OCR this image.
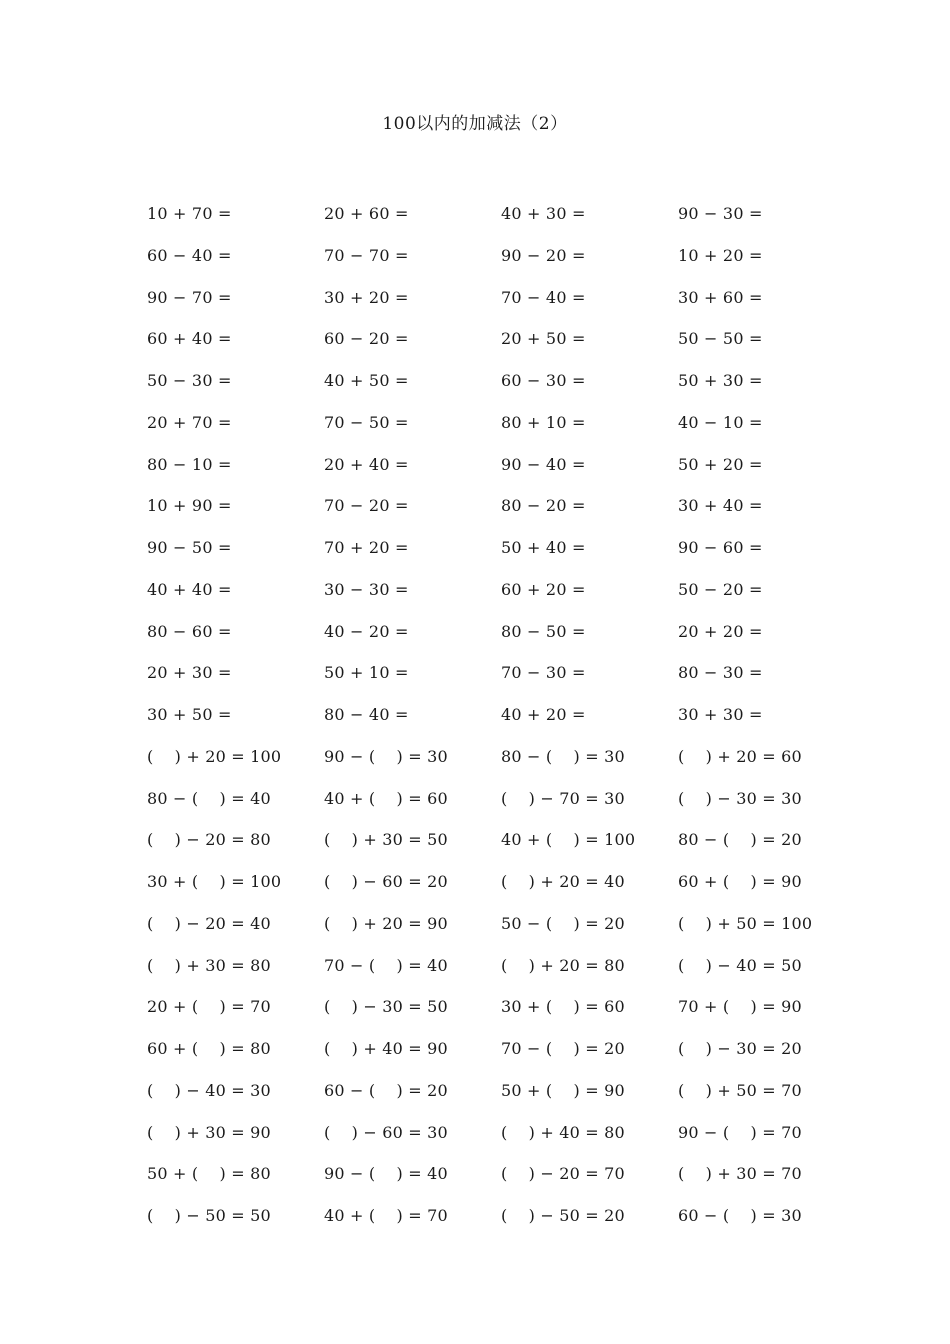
100以内的加减法（2）
10 + 70 =	20 + 60 =	40 + 30 =	90 − 30 =
60 − 40 =	70 − 70 =	90 − 20 =	10 + 20 =
90 − 70 =	30 + 20 =	70 − 40 =	30 + 60 =
60 + 40 =	60 − 20 =	20 + 50 =	50 − 50 =
50 − 30 =	40 + 50 =	60 − 30 =	50 + 30 =
20 + 70 =	70 − 50 =	80 + 10 =	40 − 10 =
80 − 10 =	20 + 40 =	90 − 40 =	50 + 20 =
10 + 90 =	70 − 20 =	80 − 20 =	30 + 40 =
90 − 50 =	70 + 20 =	50 + 40 =	90 − 60 =
40 + 40 =	30 − 30 =	60 + 20 =	50 − 20 =
80 − 60 =	40 − 20 =	80 − 50 =	20 + 20 =
20 + 30 =	50 + 10 =	70 − 30 =	80 − 30 =
30 + 50 =	80 − 40 =	40 + 20 =	30 + 30 =
(    ) + 20 = 100	90 − (    ) = 30	80 − (    ) = 30	(    ) + 20 = 60
80 − (    ) = 40	40 + (    ) = 60	(    ) − 70 = 30	(    ) − 30 = 30
(    ) − 20 = 80	(    ) + 30 = 50	40 + (    ) = 100	80 − (    ) = 20
30 + (    ) = 100	(    ) − 60 = 20	(    ) + 20 = 40	60 + (    ) = 90
(    ) − 20 = 40	(    ) + 20 = 90	50 − (    ) = 20	(    ) + 50 = 100
(    ) + 30 = 80	70 − (    ) = 40	(    ) + 20 = 80	(    ) − 40 = 50
20 + (    ) = 70	(    ) − 30 = 50	30 + (    ) = 60	70 + (    ) = 90
60 + (    ) = 80	(    ) + 40 = 90	70 − (    ) = 20	(    ) − 30 = 20
(    ) − 40 = 30	60 − (    ) = 20	50 + (    ) = 90	(    ) + 50 = 70
(    ) + 30 = 90	(    ) − 60 = 30	(    ) + 40 = 80	90 − (    ) = 70
50 + (    ) = 80	90 − (    ) = 40	(    ) − 20 = 70	(    ) + 30 = 70
(    ) − 50 = 50	40 + (    ) = 70	(    ) − 50 = 20	60 − (    ) = 30
